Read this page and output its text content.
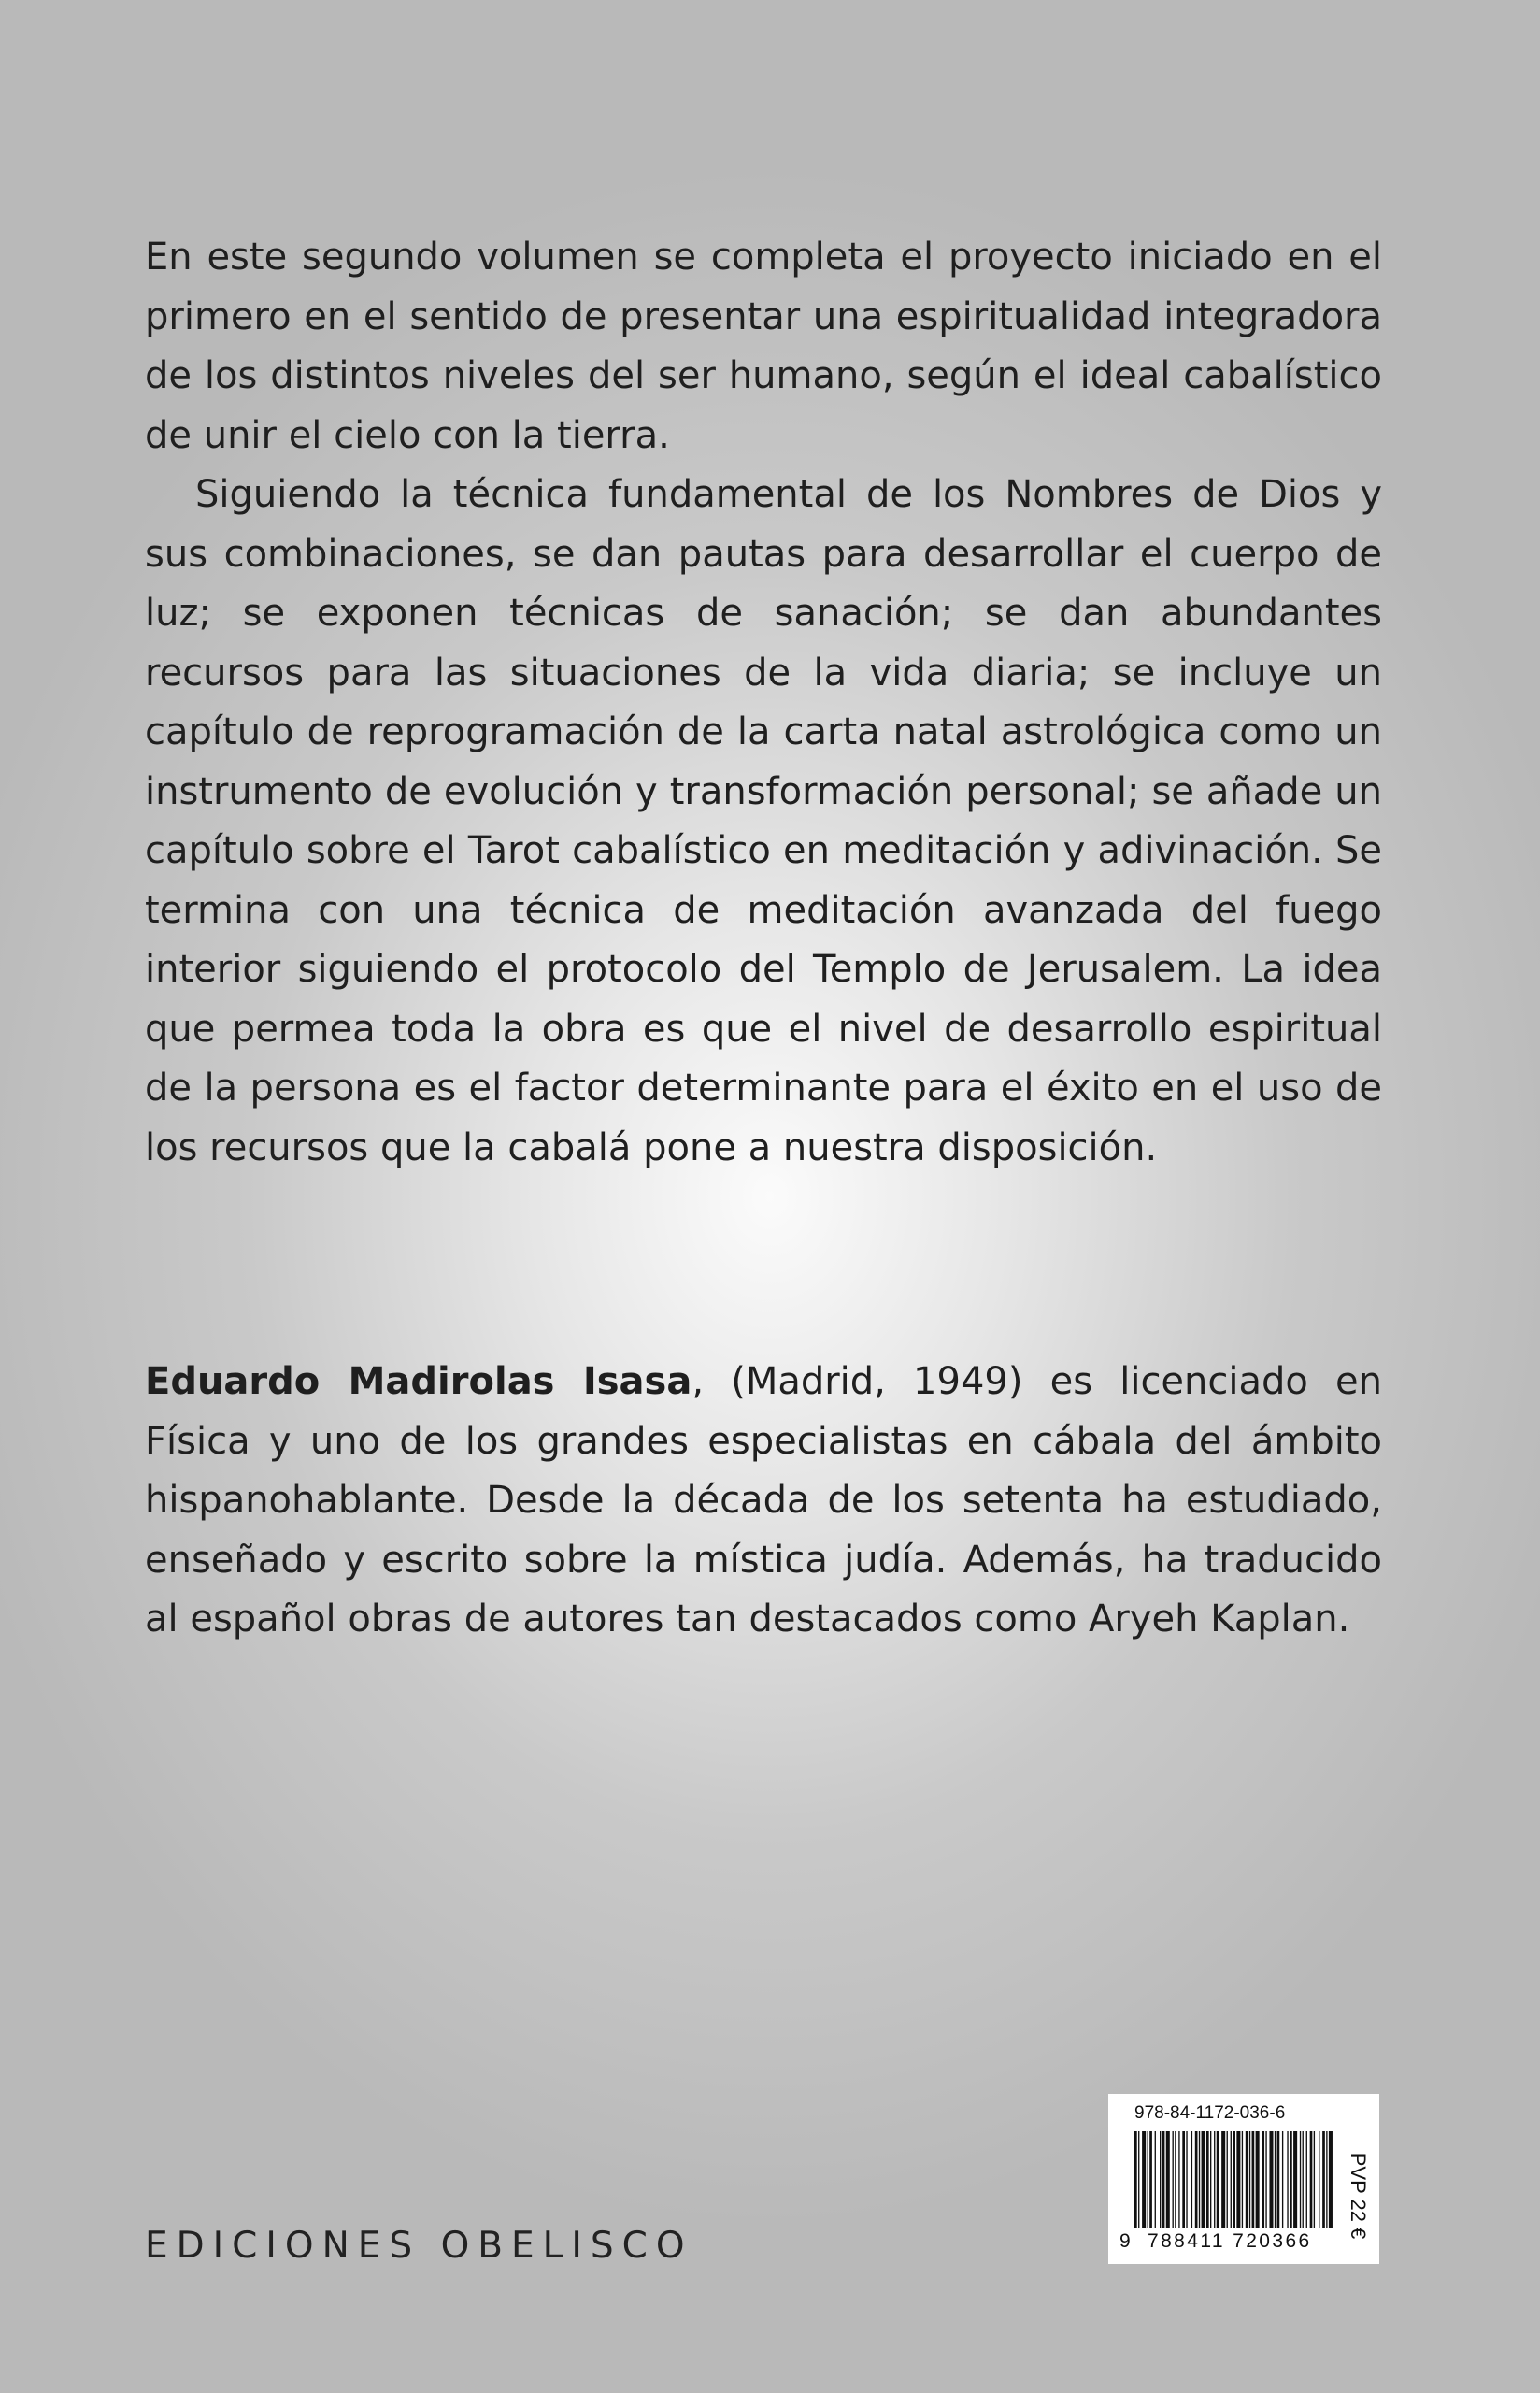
En este segundo volumen se completa el proyecto iniciado en el primero en el sentido de presentar una espiritualidad integradora de los distintos niveles del ser humano, según el ideal cabalístico de unir el cielo con la tierra.

Siguiendo la técnica fundamental de los Nombres de Dios y sus combinaciones, se dan pautas para desarrollar el cuerpo de luz; se exponen técnicas de sanación; se dan abundantes recursos para las situaciones de la vida diaria; se incluye un capítulo de reprogramación de la carta natal astrológica como un instrumento de evolución y transformación personal; se añade un capítulo sobre el Tarot cabalístico en meditación y adivinación. Se termina con una técnica de meditación avanzada del fuego interior siguiendo el protocolo del Templo de Jerusalem. La idea que permea toda la obra es que el nivel de desarrollo espiritual de la persona es el factor determinante para el éxito en el uso de los recursos que la cabalá pone a nuestra disposición.

Eduardo Madirolas Isasa, (Madrid, 1949) es licenciado en Física y uno de los grandes especialistas en cábala del ámbito hispanohablante. Desde la década de los setenta ha estudiado, enseñado y escrito sobre la mística judía. Además, ha traducido al español obras de autores tan destacados como Aryeh Kaplan.

EDICIONES OBELISCO
978-84-1172-036-6
9 788411 720366
PVP 22 €
